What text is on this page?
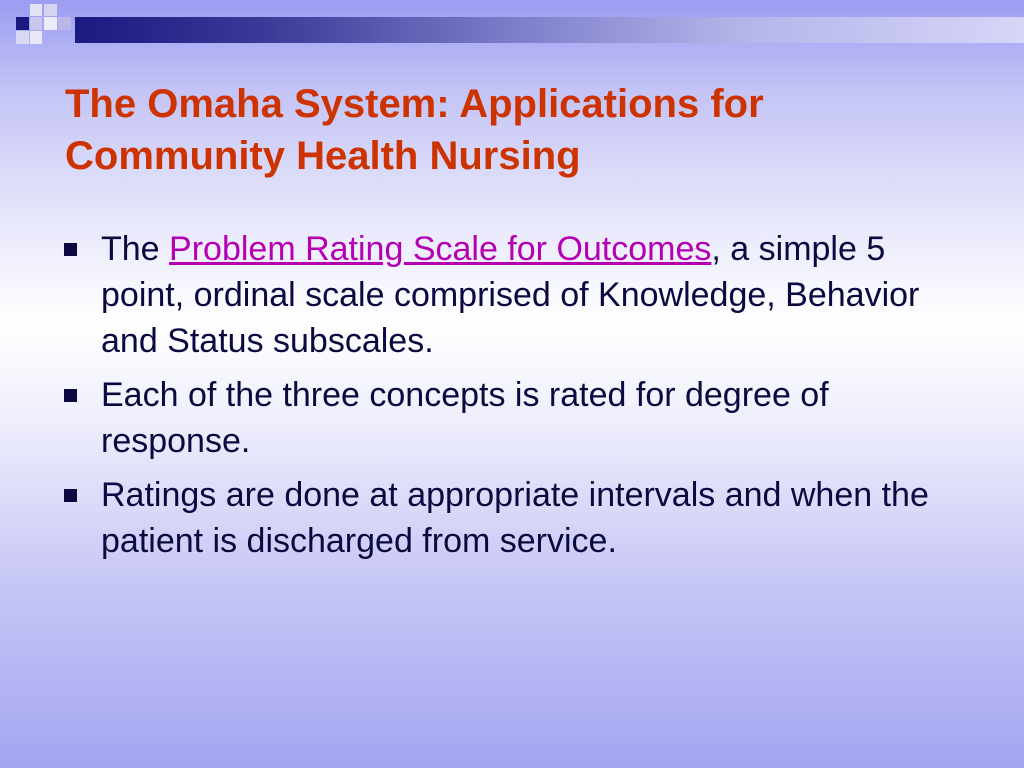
The Omaha System: Applications for
Community Health Nursing
The Problem Rating Scale for Outcomes, a simple 5 point, ordinal scale comprised of Knowledge, Behavior and Status subscales.
Each of the three concepts is rated for degree of response.
Ratings are done at appropriate intervals and when the patient is discharged from service.
